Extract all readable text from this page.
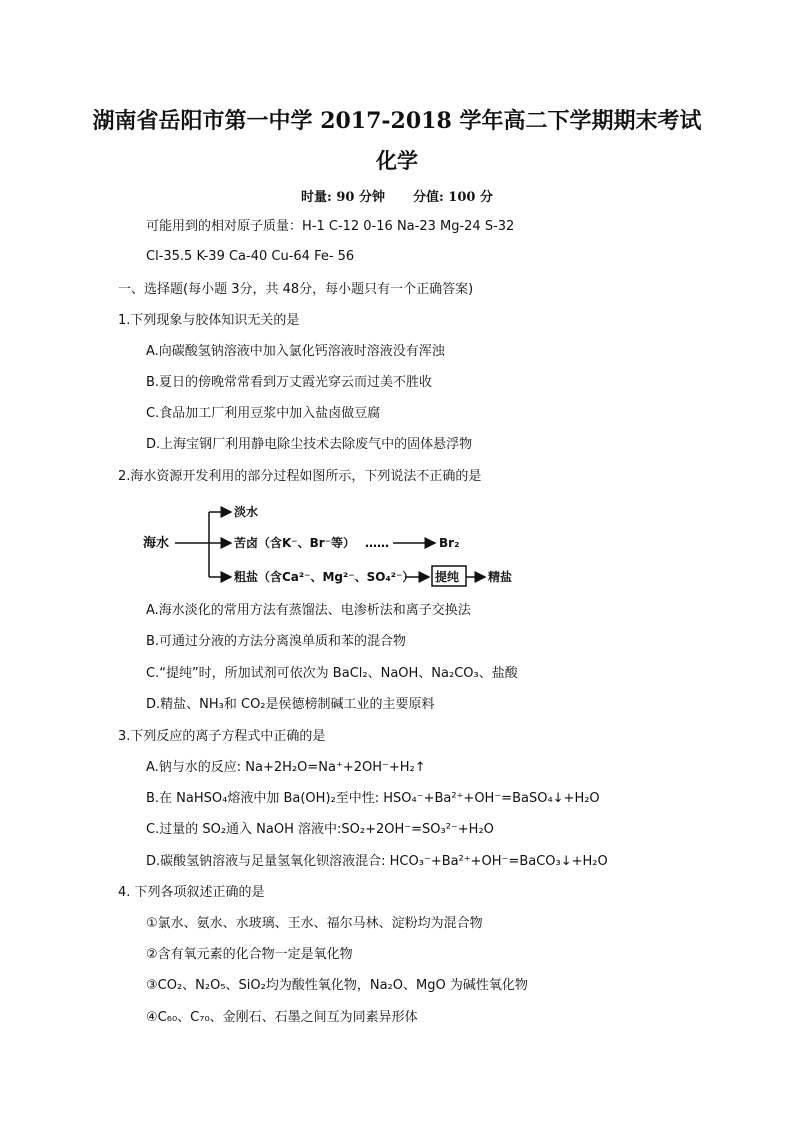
湖南省岳阳市第一中学 2017-2018 学年高二下学期期末考试
化学
时量: 90 分钟 分值: 100 分
可能用到的相对原子质量：H-1 C-12 0-16 Na-23 Mg-24 S-32
Cl-35.5 K-39 Ca-40 Cu-64 Fe- 56
一、选择题(每小题 3分，共 48分，每小题只有一个正确答案)
1.下列现象与胶体知识无关的是
A.向碳酸氢钠溶液中加入氯化钙溶液时溶液没有浑浊
B.夏日的傍晚常常看到万丈霞光穿云而过美不胜收
C.食品加工厂利用豆浆中加入盐卤做豆腐
D.上海宝钢厂利用静电除尘技术去除废气中的固体悬浮物
2.海水资源开发利用的部分过程如图所示，下列说法不正确的是
海水
淡水
苦卤（含K⁻、Br⁻等） ……	Br₂
粗盐（含Ca²⁻、Mg²⁻、SO₄²⁻） 提纯 精盐
A.海水淡化的常用方法有蒸馏法、电渗析法和离子交换法
B.可通过分液的方法分离溴单质和苯的混合物
C.“提纯”时，所加试剂可依次为 BaCl₂、NaOH、Na₂CO₃、盐酸
D.精盐、NH₃和 CO₂是侯德榜制碱工业的主要原料
3.下列反应的离子方程式中正确的是
A.钠与水的反应: Na+2H₂O=Na⁺+2OH⁻+H₂↑
B.在 NaHSO₄熔液中加 Ba(OH)₂至中性: HSO₄⁻+Ba²⁺+OH⁻=BaSO₄↓+H₂O
C.过量的 SO₂通入 NaOH 溶液中:SO₂+2OH⁻=SO₃²⁻+H₂O
D.碳酸氢钠溶液与足量氢氧化钡溶液混合: HCO₃⁻+Ba²⁺+OH⁻=BaCO₃↓+H₂O
4. 下列各项叙述正确的是
①氯水、氨水、水玻璃、王水、福尔马林、淀粉均为混合物
②含有氧元素的化合物一定是氧化物
③CO₂、N₂O₅、SiO₂均为酸性氧化物，Na₂O、MgO 为碱性氧化物
④C₆₀、C₇₀、金刚石、石墨之间互为同素异形体
